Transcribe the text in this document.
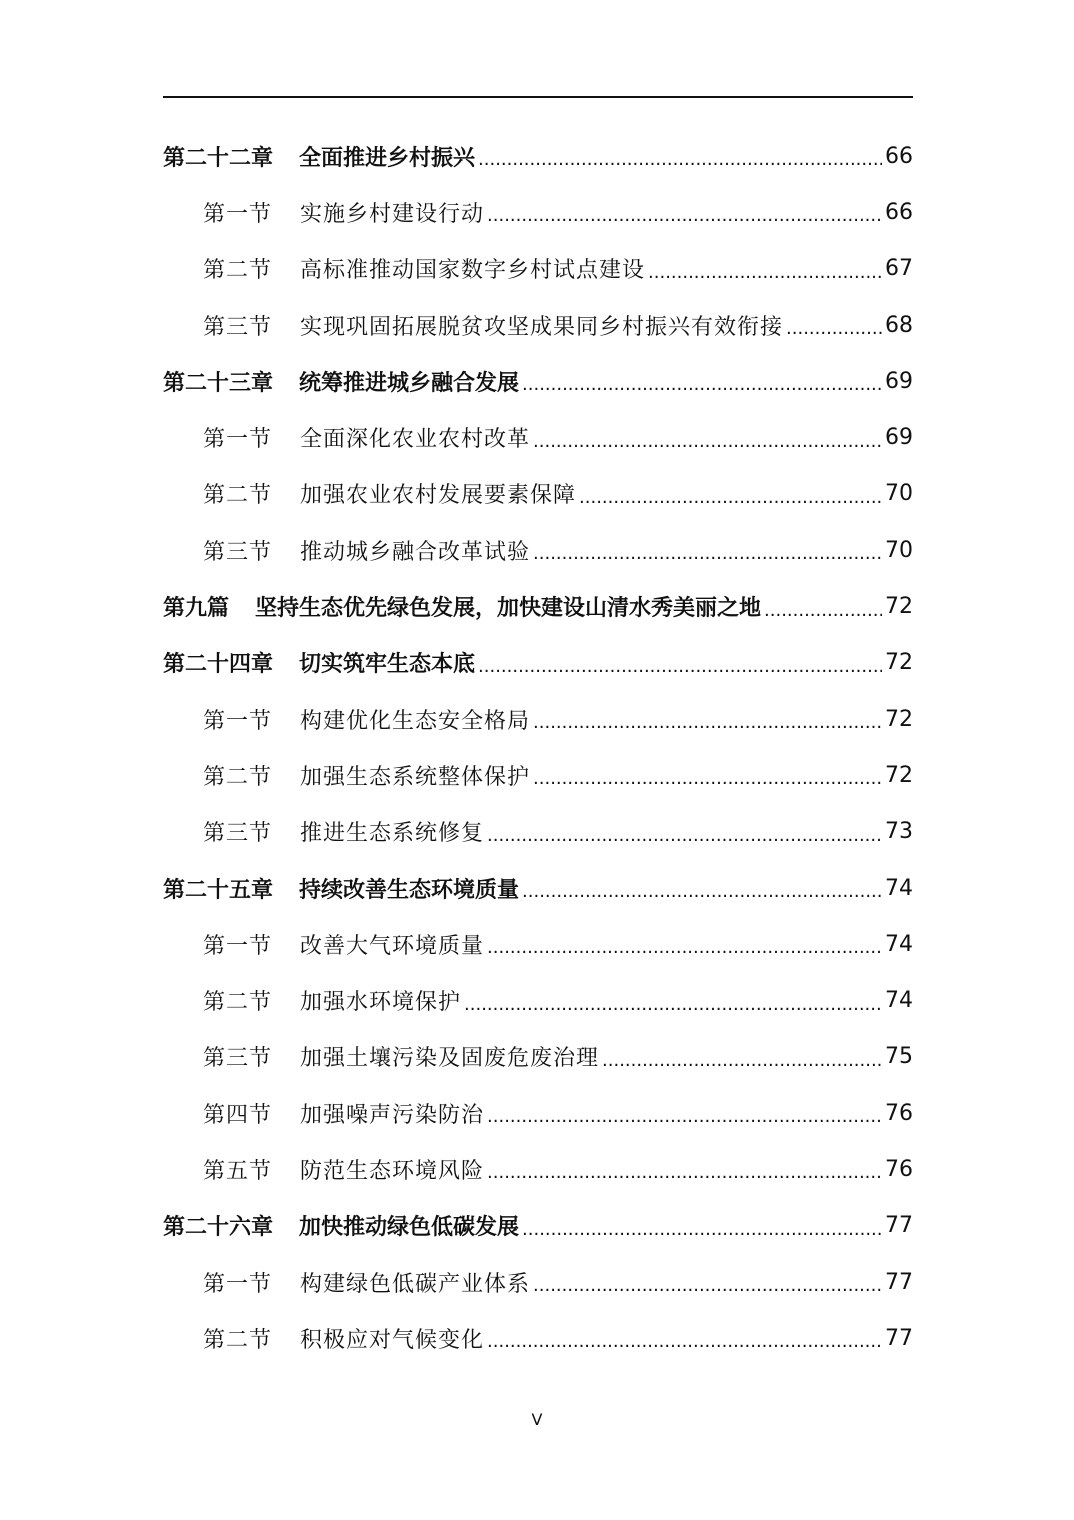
第二十二章 全面推进乡村振兴 .....	66
第一节 实施乡村建设行动 .....	66
第二节 高标准推动国家数字乡村试点建设 .....	67
第三节 实现巩固拓展脱贫攻坚成果同乡村振兴有效衔接 .....	68
第二十三章 统筹推进城乡融合发展 .....	69
第一节 全面深化农业农村改革 .....	69
第二节 加强农业农村发展要素保障 .....	70
第三节 推动城乡融合改革试验 .....	70
第九篇 坚持生态优先绿色发展，加快建设山清水秀美丽之地 .....	72
第二十四章 切实筑牢生态本底 .....	72
第一节 构建优化生态安全格局 .....	72
第二节 加强生态系统整体保护 .....	72
第三节 推进生态系统修复 .....	73
第二十五章 持续改善生态环境质量 .....	74
第一节 改善大气环境质量 .....	74
第二节 加强水环境保护 .....	74
第三节 加强土壤污染及固废危废治理 .....	75
第四节 加强噪声污染防治 .....	76
第五节 防范生态环境风险 .....	76
第二十六章 加快推动绿色低碳发展 .....	77
第一节 构建绿色低碳产业体系 .....	77
第二节 积极应对气候变化 .....	77
V
